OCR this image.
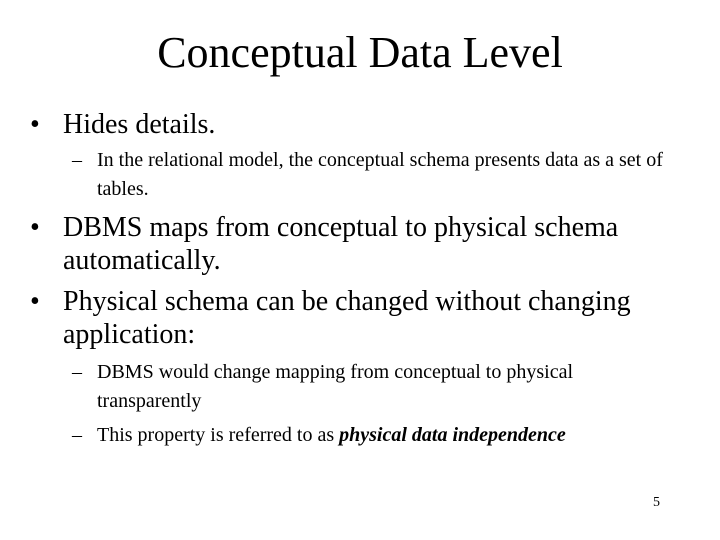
Conceptual Data Level
• Hides details.
– In the relational model, the conceptual schema presents data as a set of tables.
• DBMS maps from conceptual to physical schema automatically.
• Physical schema can be changed without changing application:
– DBMS would change mapping from conceptual to physical transparently
– This property is referred to as physical data independence
5
